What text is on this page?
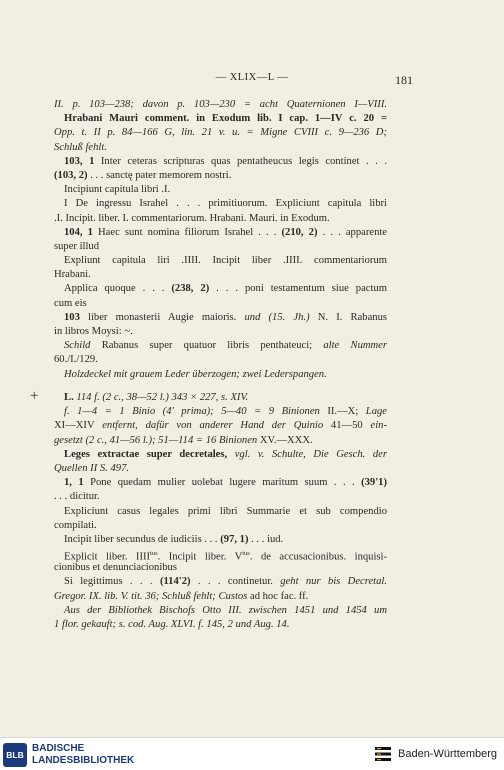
— XLIX—L —	181
II. p. 103—238; davon p. 103—230 = acht Quaternionen I—VIII.
Hrabani Mauri comment. in Exodum lib. I cap. 1—IV c. 20 =
Opp. t. II p. 84—166 G, lin. 21 v. u. = Migne CVIII c. 9—236 D;
Schluß fehlt.
103, 1 Inter ceteras scripturas quas pentatheucus legis continet . . .
(103, 2) . . . sanctę pater memorem nostri.
Incipiunt capitula libri .I.
I De ingressu Israhel . . . primitiuorum. Expliciunt capitula libri
.I. Incipit. liber. I. commentariorum. Hrabani. Mauri. in Exodum.
104, 1 Haec sunt nomina filiorum Israhel . . . (210, 2) . . . apparente
super illud
Expliunt capitula liri .IIII. Incipit liber .IIII. commentariorum
Hrabani.
Applica quoque . . . (238, 2) . . . poni testamentum siue pactum
cum eis
103 liber monasterii Augie maioris. und (15. Jh.) N. I. Rabanus
in libros Moysi: ~.
Schild Rabanus super quatuor libris penthateuci; alte Nummer
60./I./129.
Holzdeckel mit grauem Leder überzogen; zwei Lederspangen.
+	L. 114 f. (2 c., 38—52 l.) 343 × 227, s. XIV.
f. 1—4 = 1 Binio (4' prima); 5—40 = 9 Binionen II.—X; Lage
XI—XIV entfernt, dafür von anderer Hand der Quinio 41—50 ein-
gesetzt (2 c., 41—56 l.); 51—114 = 16 Binionen XV.—XXX.
Leges extractae super decretales, vgl. v. Schulte, Die Gesch. der
Quellen II S. 497.
1, 1 Pone quedam mulier uolebat lugere maritum suum . . . (39'1)
. . . dicitur.
Expliciunt casus legales primi libri Summarie et sub compendio
compilati.
Incipit liber secundus de iudiciis . . . (97, 1) . . . iud.
Explicit liber. $IIII^{tus}$. Incipit liber. $V^{tus}$. de accusacionibus. inquisi-
cionibus et denunciacionibus
Si legittimus . . . (114'2) . . . continetur. geht nur bis Decretal.
Gregor. IX. lib. V. tit. 36; Schluß fehlt; Custos ad hoc fac. ff.
Aus der Bibliothek Bischofs Otto III. zwischen 1451 und 1454 um
1 flor. gekauft; s. cod. Aug. XLVI. f. 145, 2 und Aug. 14.
BLB
BADISCHE
LANDESBIBLIOTHEK
Baden-Württemberg
